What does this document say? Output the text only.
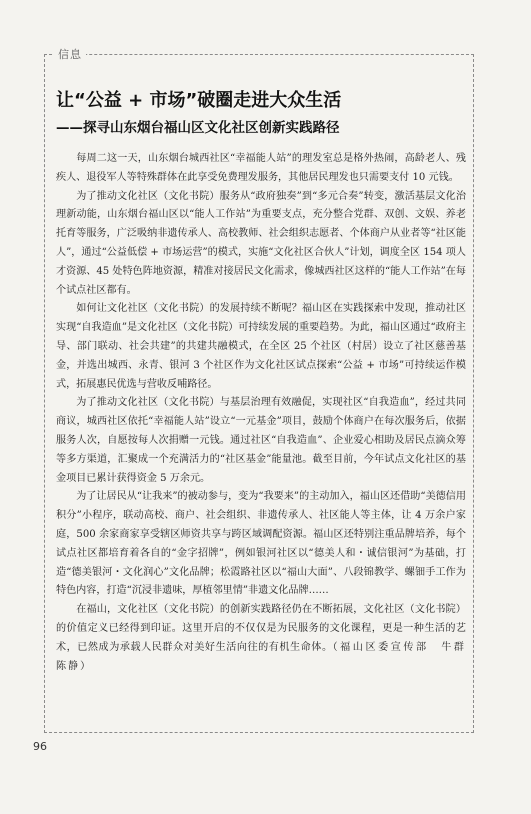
信息
让“公益 + 市场”破圈走进大众生活
——探寻山东烟台福山区文化社区创新实践路径

每周二这一天，山东烟台城西社区“幸福能人站”的理发室总是格外热闹，高龄老人、残疾人、退役军人等特殊群体在此享受免费理发服务，其他居民理发也只需要支付 10 元钱。

为了推动文化社区（文化书院）服务从“政府独奏”到“多元合奏”转变，激活基层文化治理新动能，山东烟台福山区以“能人工作站”为重要支点，充分整合党群、双创、文娱、养老托育等服务，广泛吸纳非遗传承人、高校教师、社会组织志愿者、个体商户从业者等“社区能人”，通过“公益低偿 + 市场运营”的模式，实施“文化社区合伙人”计划，调度全区 154 项人才资源、45 处特色阵地资源，精准对接居民文化需求，像城西社区这样的“能人工作站”在每个试点社区都有。

如何让文化社区（文化书院）的发展持续不断呢？福山区在实践探索中发现，推动社区实现“自我造血”是文化社区（文化书院）可持续发展的重要趋势。为此，福山区通过“政府主导、部门联动、社会共建”的共建共融模式，在全区 25 个社区（村居）设立了社区慈善基金，并选出城西、永青、银河 3 个社区作为文化社区试点探索“公益 + 市场”可持续运作模式，拓展惠民优选与营收反哺路径。

为了推动文化社区（文化书院）与基层治理有效融促，实现社区“自我造血”，经过共同商议，城西社区依托“幸福能人站”设立“一元基金”项目，鼓励个体商户在每次服务后，依据服务人次，自愿按每人次捐赠一元钱。通过社区“自我造血”、企业爱心相助及居民点滴众筹等多方渠道，汇聚成一个充满活力的“社区基金”能量池。截至目前，今年试点文化社区的基金项目已累计获得资金 5 万余元。

为了让居民从“让我来”的被动参与，变为“我要来”的主动加入，福山区还借助“美德信用积分”小程序，联动高校、商户、社会组织、非遗传承人、社区能人等主体，让 4 万余户家庭，500 余家商家享受辖区师资共享与跨区域调配资源。福山区还特别注重品牌培养，每个试点社区都培育着各自的“金字招牌”，例如银河社区以“德美人和・诚信银河”为基础，打造“德美银河・文化润心”文化品牌；松霞路社区以“福山大面”、八段锦教学、螺钿手工作为特色内容，打造“沉浸非遗味，厚植邻里情”非遗文化品牌……

在福山，文化社区（文化书院）的创新实践路径仍在不断拓展，文化社区（文化书院）的价值定义已经得到印证。这里开启的不仅仅是为民服务的文化课程，更是一种生活的艺术，已然成为承载人民群众对美好生活向往的有机生命体。（福山区委宣传部　牛群　陈静）

96
